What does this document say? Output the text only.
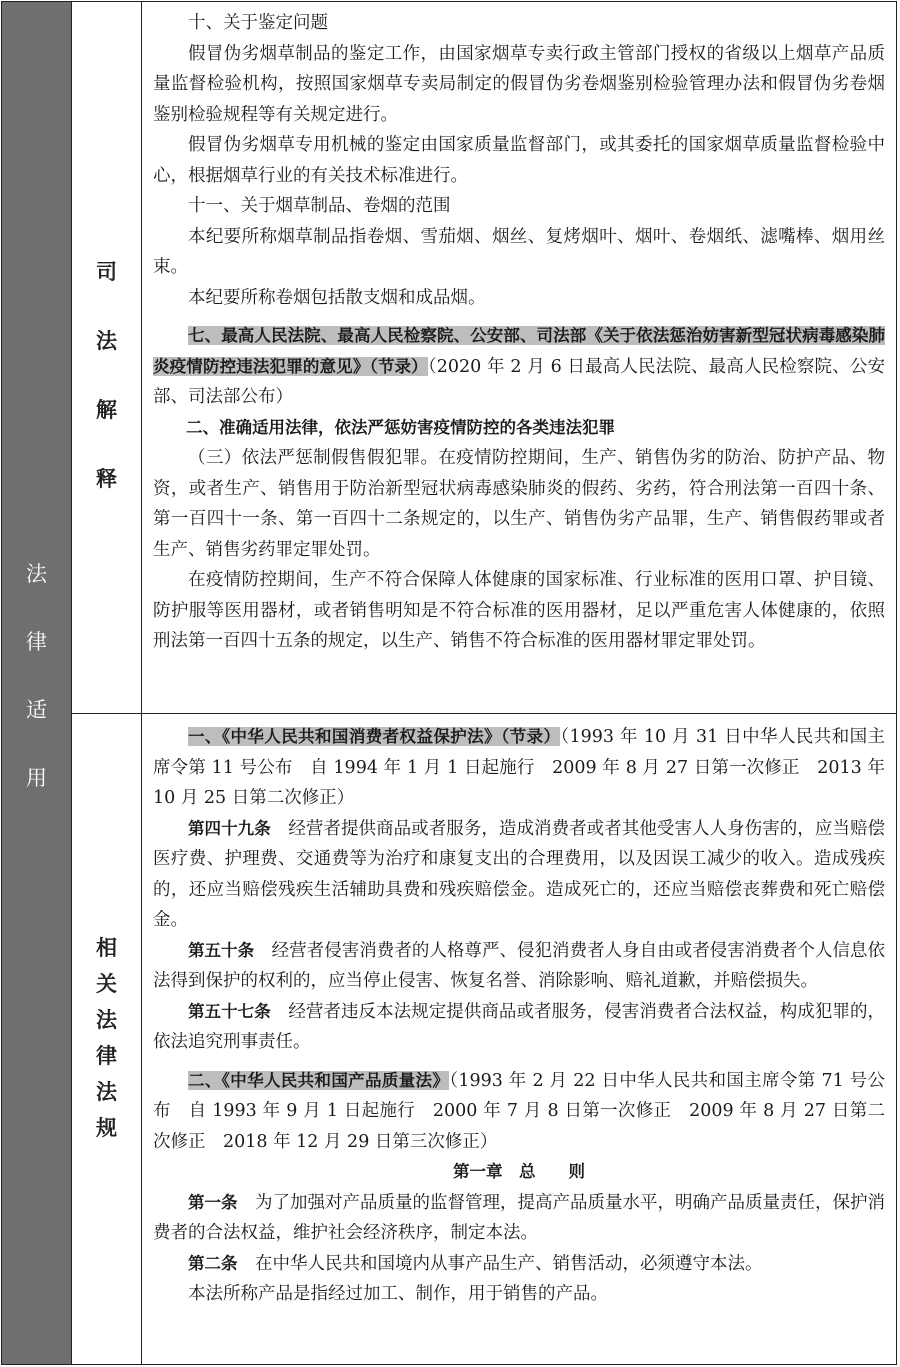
法
律
适
用
司
法
解
释
相
关
法
律
法
规

十、关于鉴定问题

假冒伪劣烟草制品的鉴定工作，由国家烟草专卖行政主管部门授权的省级以上烟草产品质量监督检验机构，按照国家烟草专卖局制定的假冒伪劣卷烟鉴别检验管理办法和假冒伪劣卷烟鉴别检验规程等有关规定进行。

假冒伪劣烟草专用机械的鉴定由国家质量监督部门，或其委托的国家烟草质量监督检验中心，根据烟草行业的有关技术标准进行。

十一、关于烟草制品、卷烟的范围

本纪要所称烟草制品指卷烟、雪茄烟、烟丝、复烤烟叶、烟叶、卷烟纸、滤嘴棒、烟用丝束。

本纪要所称卷烟包括散支烟和成品烟。

七、最高人民法院、最高人民检察院、公安部、司法部《关于依法惩治妨害新型冠状病毒感染肺炎疫情防控违法犯罪的意见》（节录）（2020 年 2 月 6 日最高人民法院、最高人民检察院、公安部、司法部公布）

二、准确适用法律，依法严惩妨害疫情防控的各类违法犯罪

（三）依法严惩制假售假犯罪。在疫情防控期间，生产、销售伪劣的防治、防护产品、物资，或者生产、销售用于防治新型冠状病毒感染肺炎的假药、劣药，符合刑法第一百四十条、第一百四十一条、第一百四十二条规定的，以生产、销售伪劣产品罪，生产、销售假药罪或者生产、销售劣药罪定罪处罚。

在疫情防控期间，生产不符合保障人体健康的国家标准、行业标准的医用口罩、护目镜、防护服等医用器材，或者销售明知是不符合标准的医用器材，足以严重危害人体健康的，依照刑法第一百四十五条的规定，以生产、销售不符合标准的医用器材罪定罪处罚。

一、《中华人民共和国消费者权益保护法》（节录）（1993 年 10 月 31 日中华人民共和国主席令第 11 号公布　自 1994 年 1 月 1 日起施行　2009 年 8 月 27 日第一次修正　2013 年 10 月 25 日第二次修正）

第四十九条　经营者提供商品或者服务，造成消费者或者其他受害人人身伤害的，应当赔偿医疗费、护理费、交通费等为治疗和康复支出的合理费用，以及因误工减少的收入。造成残疾的，还应当赔偿残疾生活辅助具费和残疾赔偿金。造成死亡的，还应当赔偿丧葬费和死亡赔偿金。

第五十条　经营者侵害消费者的人格尊严、侵犯消费者人身自由或者侵害消费者个人信息依法得到保护的权利的，应当停止侵害、恢复名誉、消除影响、赔礼道歉，并赔偿损失。

第五十七条　经营者违反本法规定提供商品或者服务，侵害消费者合法权益，构成犯罪的，依法追究刑事责任。

二、《中华人民共和国产品质量法》（1993 年 2 月 22 日中华人民共和国主席令第 71 号公布　自 1993 年 9 月 1 日起施行　2000 年 7 月 8 日第一次修正　2009 年 8 月 27 日第二次修正　2018 年 12 月 29 日第三次修正）

第一章　总　　则

第一条　为了加强对产品质量的监督管理，提高产品质量水平，明确产品质量责任，保护消费者的合法权益，维护社会经济秩序，制定本法。

第二条　在中华人民共和国境内从事产品生产、销售活动，必须遵守本法。

本法所称产品是指经过加工、制作，用于销售的产品。
